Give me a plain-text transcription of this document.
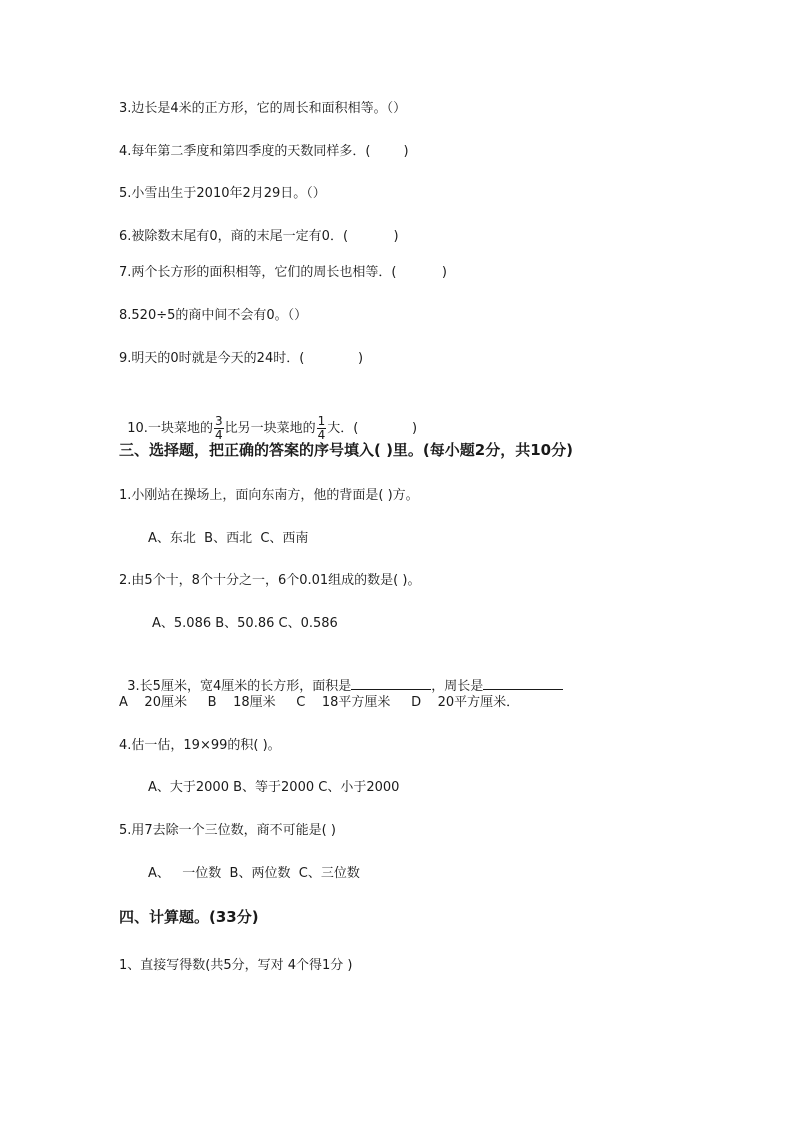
3.边长是4米的正方形，它的周长和面积相等。（）
4.每年第二季度和第四季度的天数同样多．(        )
5.小雪出生于2010年2月29日。（）
6.被除数末尾有0，商的末尾一定有0．(           )
7.两个长方形的面积相等，它们的周长也相等．(           )
8.520÷5的商中间不会有0。（）
9.明天的0时就是今天的24时．(             )

10.一块菜地的 $\frac{3}{4}$ 比另一块菜地的 $\frac{1}{4}$ 大．(             )

三、选择题，把正确的答案的序号填入( )里。(每小题2分，共10分)
1.小刚站在操场上，面向东南方，他的背面是( )方。
A、东北  B、西北  C、西南
2.由5个十，8个十分之一，6个0.01组成的数是( )。
A、5.086 B、50.86 C、0.586

3.长5厘米，宽4厘米的长方形，面积是	，周长是

A    20厘米     B    18厘米     C    18平方厘米     D    20平方厘米．
4.估一估，19×99的积( )。
A、大于2000 B、等于2000 C、小于2000
5.用7去除一个三位数，商不可能是( )
A、   一位数  B、两位数  C、三位数
四、计算题。(33分)
1、直接写得数(共5分，写对 4个得1分 )
